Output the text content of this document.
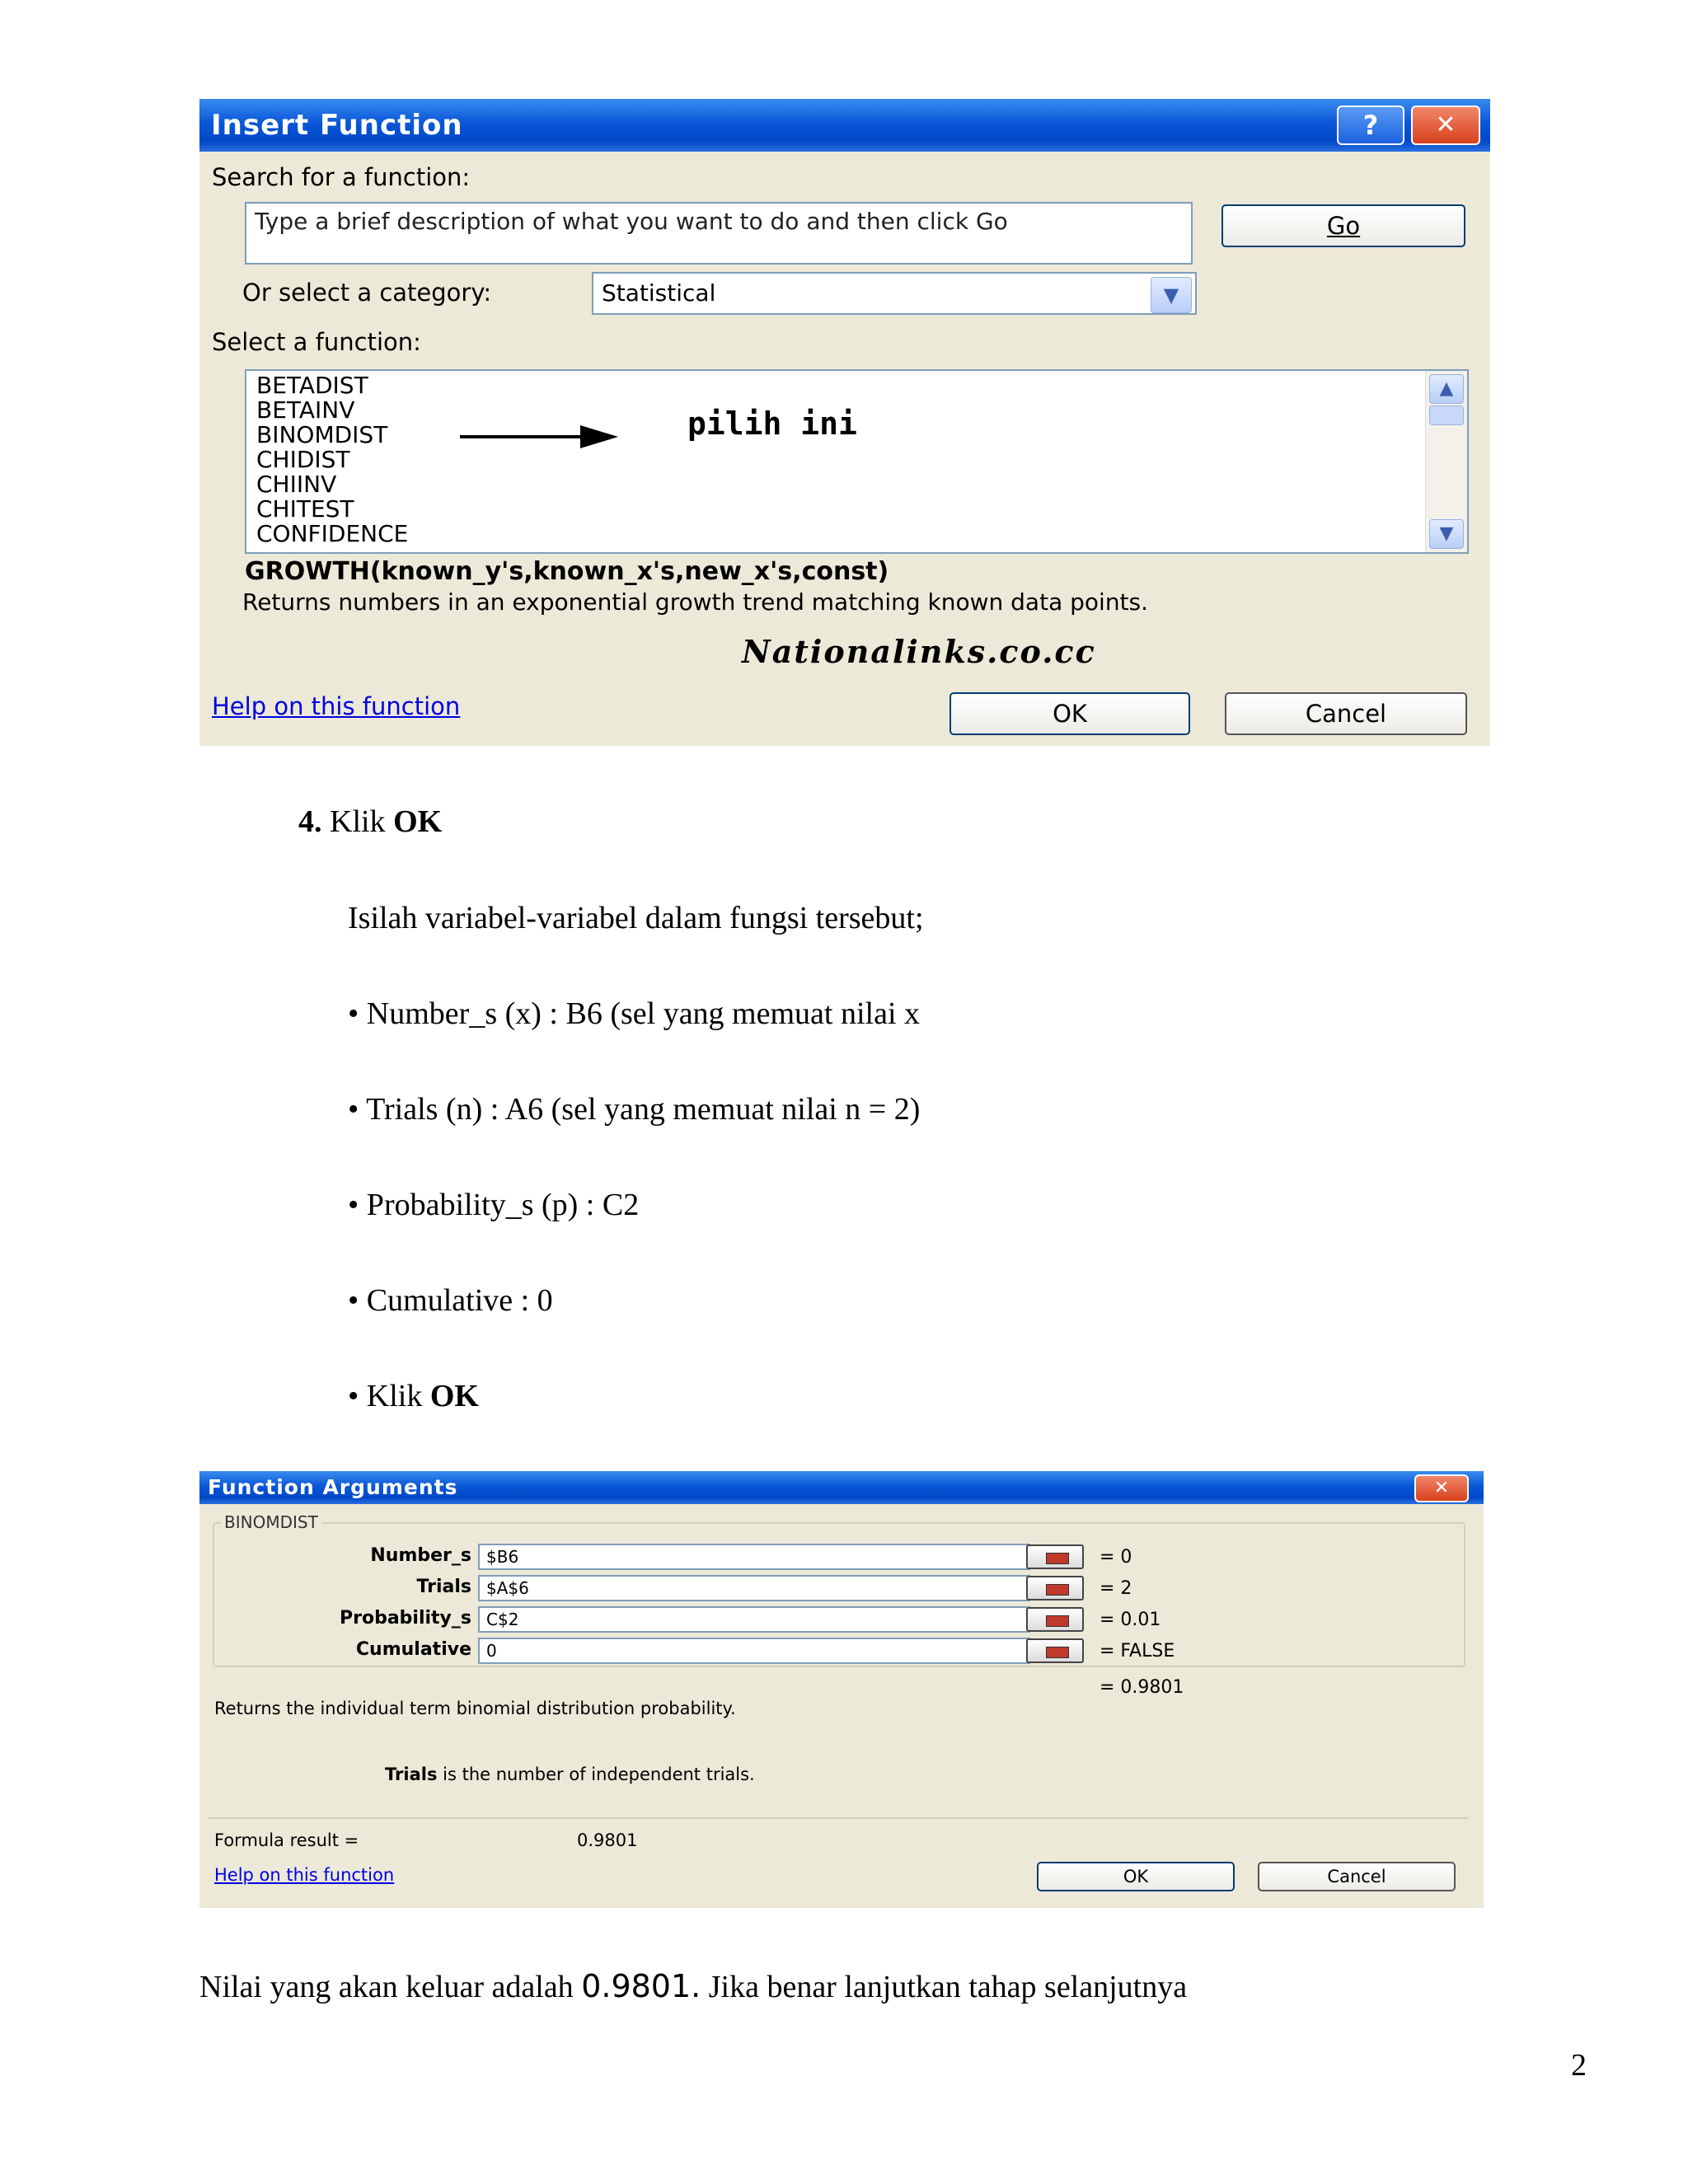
Insert Function	?	✕
Search for a function:
Type a brief description of what you want to do and then click Go	Go
Or select a category:	Statistical	▼
Select a function:
BETADIST
BETAINV
BINOMDIST
CHIDIST
CHIINV
CHITEST
CONFIDENCE
pilih ini
▲
▼
GROWTH(known_y's,known_x's,new_x's,const)
Returns numbers in an exponential growth trend matching known data points.
Nationalinks.co.cc
Help on this function	OK	Cancel
4. Klik OK
Isilah variabel-variabel dalam fungsi tersebut;
• Number_s (x) : B6 (sel yang memuat nilai x
• Trials (n) : A6 (sel yang memuat nilai n = 2)
• Probability_s (p) : C2
• Cumulative : 0
• Klik OK
Function Arguments	✕
BINOMDIST
Number_s $B6	= 0
Trials $A$6	= 2
Probability_s C$2	= 0.01
Cumulative 0	= FALSE
= 0.9801
Returns the individual term binomial distribution probability.
Trials is the number of independent trials.
Formula result =	0.9801
Help on this function	OK	Cancel
Nilai yang akan keluar adalah 0.9801. Jika benar lanjutkan tahap selanjutnya
2
